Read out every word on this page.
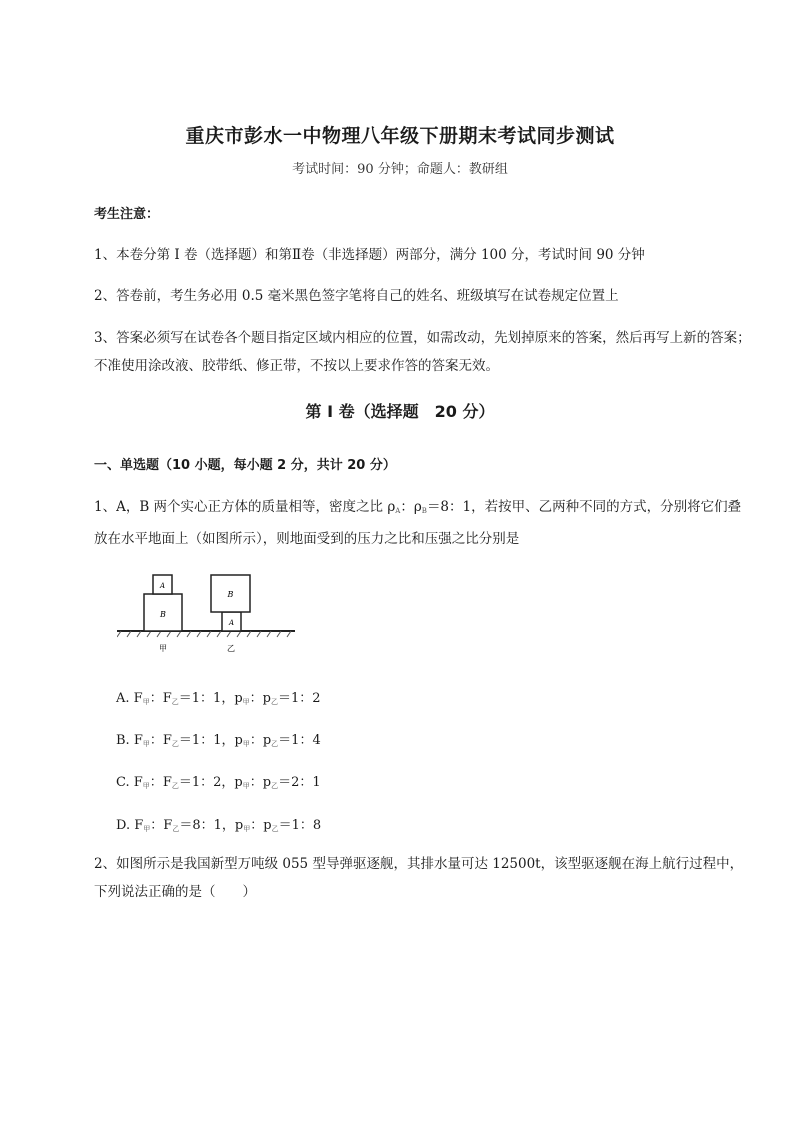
重庆市彭水一中物理八年级下册期末考试同步测试
考试时间：90 分钟；命题人：教研组
考生注意：
1、本卷分第 I 卷（选择题）和第Ⅱ卷（非选择题）两部分，满分 100 分，考试时间 90 分钟
2、答卷前，考生务必用 0.5 毫米黑色签字笔将自己的姓名、班级填写在试卷规定位置上
3、答案必须写在试卷各个题目指定区域内相应的位置，如需改动，先划掉原来的答案，然后再写上新的答案；不准使用涂改液、胶带纸、修正带，不按以上要求作答的答案无效。
第 I 卷（选择题　20 分）
一、单选题（10 小题，每小题 2 分，共计 20 分）
1、A，B 两个实心正方体的质量相等，密度之比 $\rho_A$：$\rho_B=8$：1，若按甲、乙两种不同的方式，分别将它们叠放在水平地面上（如图所示），则地面受到的压力之比和压强之比分别是
B
A
A
B
甲	乙
A. $F_甲$：$F_乙=1$：1，$p_甲$：$p_乙=1$：2
B. $F_甲$：$F_乙=1$：1，$p_甲$：$p_乙=1$：4
C. $F_甲$：$F_乙=1$：2，$p_甲$：$p_乙=2$：1
D. $F_甲$：$F_乙=8$：1，$p_甲$：$p_乙=1$：8
2、如图所示是我国新型万吨级 055 型导弹驱逐舰，其排水量可达 12500t，该型驱逐舰在海上航行过程中，下列说法正确的是（　　）
